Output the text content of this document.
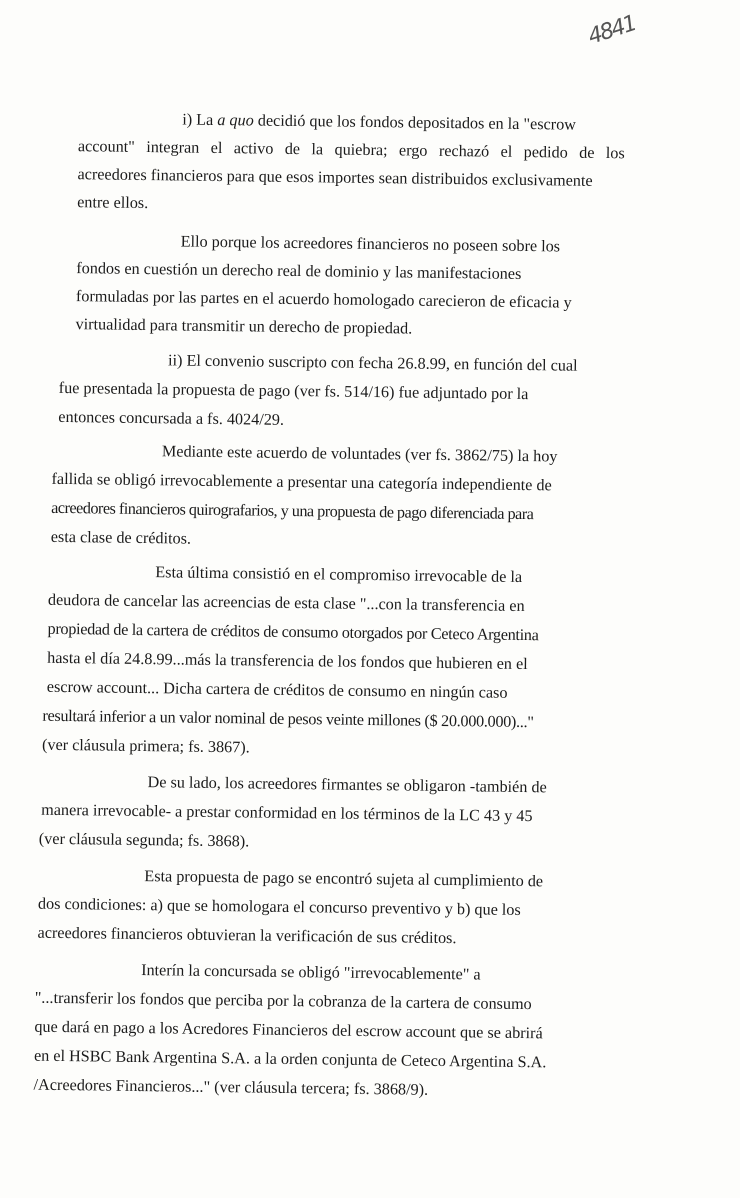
4841
i) La a quo decidió que los fondos depositados en la "escrow
account" integran el activo de la quiebra; ergo rechazó el pedido de los
acreedores financieros para que esos importes sean distribuidos exclusivamente
entre ellos.
Ello porque los acreedores financieros no poseen sobre los
fondos en cuestión un derecho real de dominio y las manifestaciones
formuladas por las partes en el acuerdo homologado carecieron de eficacia y
virtualidad para transmitir un derecho de propiedad.
ii) El convenio suscripto con fecha 26.8.99, en función del cual
fue presentada la propuesta de pago (ver fs. 514/16) fue adjuntado por la
entonces concursada a fs. 4024/29.
Mediante este acuerdo de voluntades (ver fs. 3862/75) la hoy
fallida se obligó irrevocablemente a presentar una categoría independiente de
acreedores financieros quirografarios, y una propuesta de pago diferenciada para
esta clase de créditos.
Esta última consistió en el compromiso irrevocable de la
deudora de cancelar las acreencias de esta clase "...con la transferencia en
propiedad de la cartera de créditos de consumo otorgados por Ceteco Argentina
hasta el día 24.8.99...más la transferencia de los fondos que hubieren en el
escrow account... Dicha cartera de créditos de consumo en ningún caso
resultará inferior a un valor nominal de pesos veinte millones ($ 20.000.000)..."
(ver cláusula primera; fs. 3867).
De su lado, los acreedores firmantes se obligaron -también de
manera irrevocable- a prestar conformidad en los términos de la LC 43 y 45
(ver cláusula segunda; fs. 3868).
Esta propuesta de pago se encontró sujeta al cumplimiento de
dos condiciones: a) que se homologara el concurso preventivo y b) que los
acreedores financieros obtuvieran la verificación de sus créditos.
Interín la concursada se obligó "irrevocablemente" a
"...transferir los fondos que perciba por la cobranza de la cartera de consumo
que dará en pago a los Acredores Financieros del escrow account que se abrirá
en el HSBC Bank Argentina S.A. a la orden conjunta de Ceteco Argentina S.A.
/Acreedores Financieros..." (ver cláusula tercera; fs. 3868/9).
